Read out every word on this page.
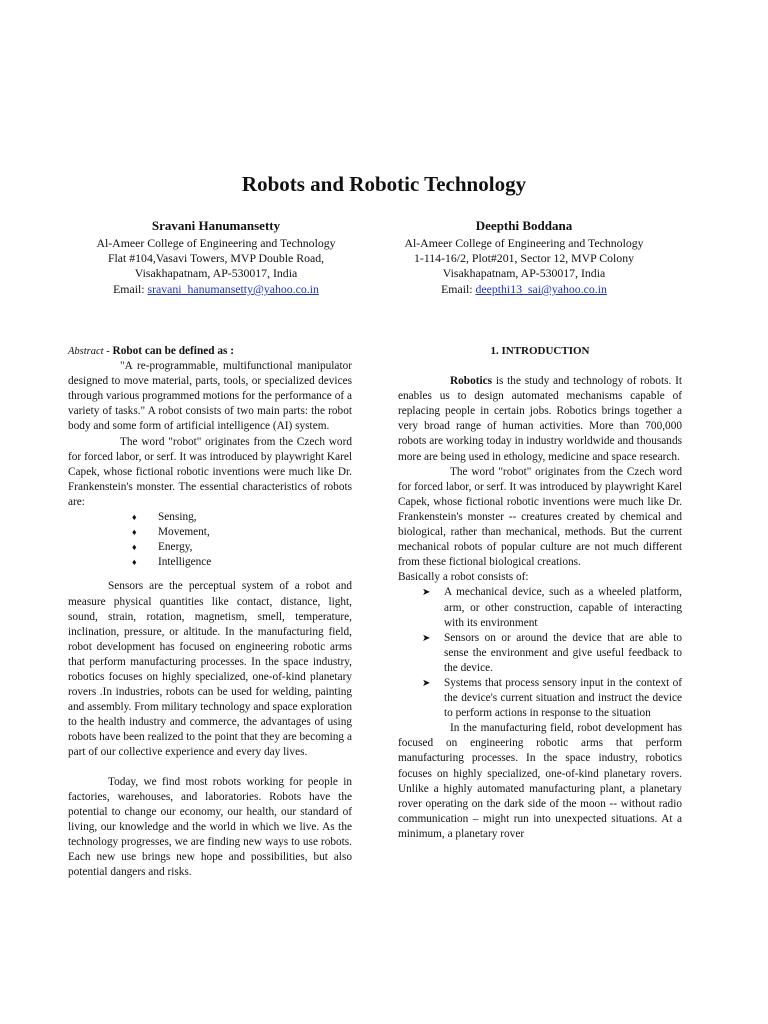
Robots and Robotic Technology
Sravani Hanumansetty
Al-Ameer College of Engineering and Technology
Flat #104,Vasavi Towers, MVP Double Road,
Visakhapatnam, AP-530017, India
Email: sravani_hanumansetty@yahoo.co.in
Deepthi Boddana
Al-Ameer College of Engineering and Technology
1-114-16/2, Plot#201, Sector 12, MVP Colony
Visakhapatnam, AP-530017, India
Email: deepthi13_sai@yahoo.co.in

Abstract - Robot can be defined as :

"A re-programmable, multifunctional manipulator designed to move material, parts, tools, or specialized devices through various programmed motions for the performance of a variety of tasks." A robot consists of two main parts: the robot body and some form of artificial intelligence (AI) system.

The word "robot" originates from the Czech word for forced labor, or serf. It was introduced by playwright Karel Capek, whose fictional robotic inventions were much like Dr. Frankenstein's monster. The essential characteristics of robots are:

♦ Sensing,
♦ Movement,
♦ Energy,
♦ Intelligence

Sensors are the perceptual system of a robot and measure physical quantities like contact, distance, light, sound, strain, rotation, magnetism, smell, temperature, inclination, pressure, or altitude. In the manufacturing field, robot development has focused on engineering robotic arms that perform manufacturing processes. In the space industry, robotics focuses on highly specialized, one-of-kind planetary rovers .In industries, robots can be used for welding, painting and assembly. From military technology and space exploration to the health industry and commerce, the advantages of using robots have been realized to the point that they are becoming a part of our collective experience and every day lives.

Today, we find most robots working for people in factories, warehouses, and laboratories. Robots have the potential to change our economy, our health, our standard of living, our knowledge and the world in which we live. As the technology progresses, we are finding new ways to use robots. Each new use brings new hope and possibilities, but also potential dangers and risks.

1. INTRODUCTION

Robotics is the study and technology of robots. It enables us to design automated mechanisms capable of replacing people in certain jobs. Robotics brings together a very broad range of human activities. More than 700,000 robots are working today in industry worldwide and thousands more are being used in ethology, medicine and space research.

The word "robot" originates from the Czech word for forced labor, or serf. It was introduced by playwright Karel Capek, whose fictional robotic inventions were much like Dr. Frankenstein's monster -- creatures created by chemical and biological, rather than mechanical, methods. But the current mechanical robots of popular culture are not much different from these fictional biological creations.

Basically a robot consists of:

➤ A mechanical device, such as a wheeled platform, arm, or other construction, capable of interacting with its environment
➤ Sensors on or around the device that are able to sense the environment and give useful feedback to the device.
➤ Systems that process sensory input in the context of the device's current situation and instruct the device to perform actions in response to the situation

In the manufacturing field, robot development has focused on engineering robotic arms that perform manufacturing processes. In the space industry, robotics focuses on highly specialized, one-of-kind planetary rovers. Unlike a highly automated manufacturing plant, a planetary rover operating on the dark side of the moon -- without radio communication – might run into unexpected situations. At a minimum, a planetary rover
